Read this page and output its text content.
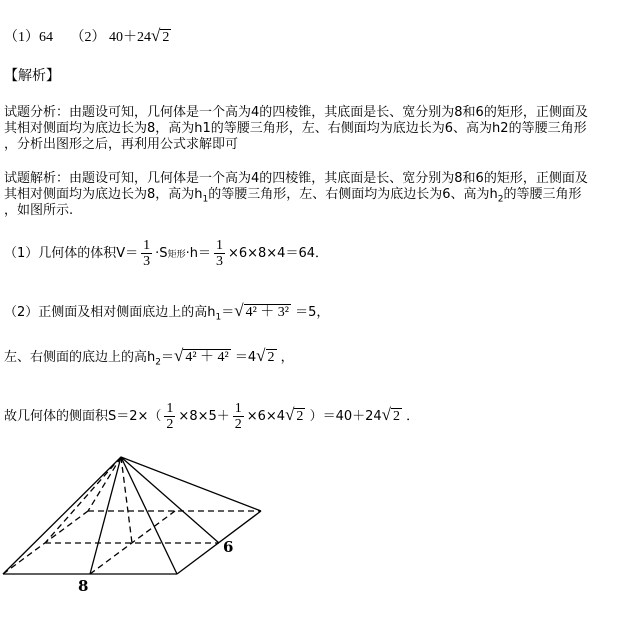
（1）64 （2） 40＋24√ 2
【解析】
试题分析：由题设可知，几何体是一个高为4的四棱锥，其底面是长、宽分别为8和6的矩形，正侧面及
其相对侧面均为底边长为8，高为h1的等腰三角形，左、右侧面均为底边长为6、高为h2的等腰三角形
，分析出图形之后，再利用公式求解即可
试题解析：由题设可知，几何体是一个高为4的四棱锥，其底面是长、宽分别为8和6的矩形，正侧面及
其相对侧面均为底边长为8，高为$h_1$的等腰三角形，左、右侧面均为底边长为6、高为$h_2$的等腰三角形
，如图所示.
（1）几何体的体积$V= \frac{1}{3} \cdot S$矩形$\cdot h= \frac{1}{3} \times 6\times 8\times 4=64$．
（2）正侧面及相对侧面底边上的高$h_1=√$ 4² ＋ 3² ＝5，
左、右侧面的底边上的高$h_2=√$ 4² ＋ 4² ＝4√ 2 ，
故几何体的侧面积$S=2\times( \frac{1}{2} \times 8\times 5+ \frac{1}{2} \times 6\times 4√$ 2 ）＝40＋24√ 2 ．
6
8
